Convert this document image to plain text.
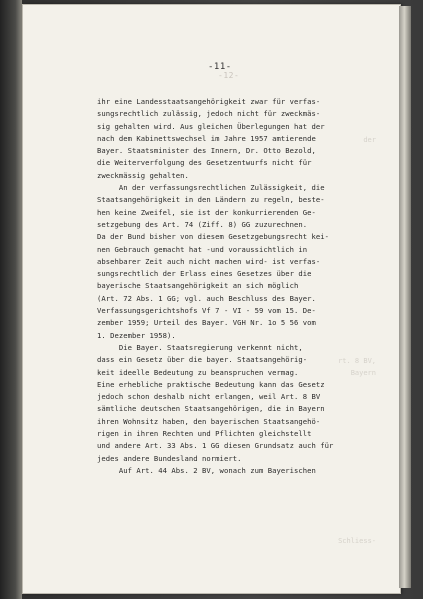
-11-
-12-
der
rt. 8 BV,
Bayern
Schliess-
ihr eine Landesstaatsangehörigkeit zwar für verfas-
sungsrechtlich zulässig, jedoch nicht für zweckmäs-
sig gehalten wird. Aus gleichen Überlegungen hat der
nach dem Kabinettswechsel im Jahre 1957 amtierende
Bayer. Staatsminister des Innern, Dr. Otto Bezold,
die Weiterverfolgung des Gesetzentwurfs nicht für
zweckmässig gehalten.
An der verfassungsrechtlichen Zulässigkeit, die
Staatsangehörigkeit in den Ländern zu regeln, beste-
hen keine Zweifel, sie ist der konkurrierenden Ge-
setzgebung des Art. 74 (Ziff. 8) GG zuzurechnen.
Da der Bund bisher von diesem Gesetzgebungsrecht kei-
nen Gebrauch gemacht hat -und voraussichtlich in
absehbarer Zeit auch nicht machen wird- ist verfas-
sungsrechtlich der Erlass eines Gesetzes über die
bayerische Staatsangehörigkeit an sich möglich
(Art. 72 Abs. 1 GG; vgl. auch Beschluss des Bayer.
Verfassungsgerichtshofs Vf 7 - VI - 59 vom 15. De-
zember 1959; Urteil des Bayer. VGH Nr. 1o 5 56 vom
1. Dezember 1958).
Die Bayer. Staatsregierung verkennt nicht,
dass ein Gesetz über die bayer. Staatsangehörig-
keit ideelle Bedeutung zu beanspruchen vermag.
Eine erhebliche praktische Bedeutung kann das Gesetz
jedoch schon deshalb nicht erlangen, weil Art. 8 BV
sämtliche deutschen Staatsangehörigen, die in Bayern
ihren Wohnsitz haben, den bayerischen Staatsangehö-
rigen in ihren Rechten und Pflichten gleichstellt
und andere Art. 33 Abs. 1 GG diesen Grundsatz auch für
jedes andere Bundesland normiert.
Auf Art. 44 Abs. 2 BV, wonach zum Bayerischen
